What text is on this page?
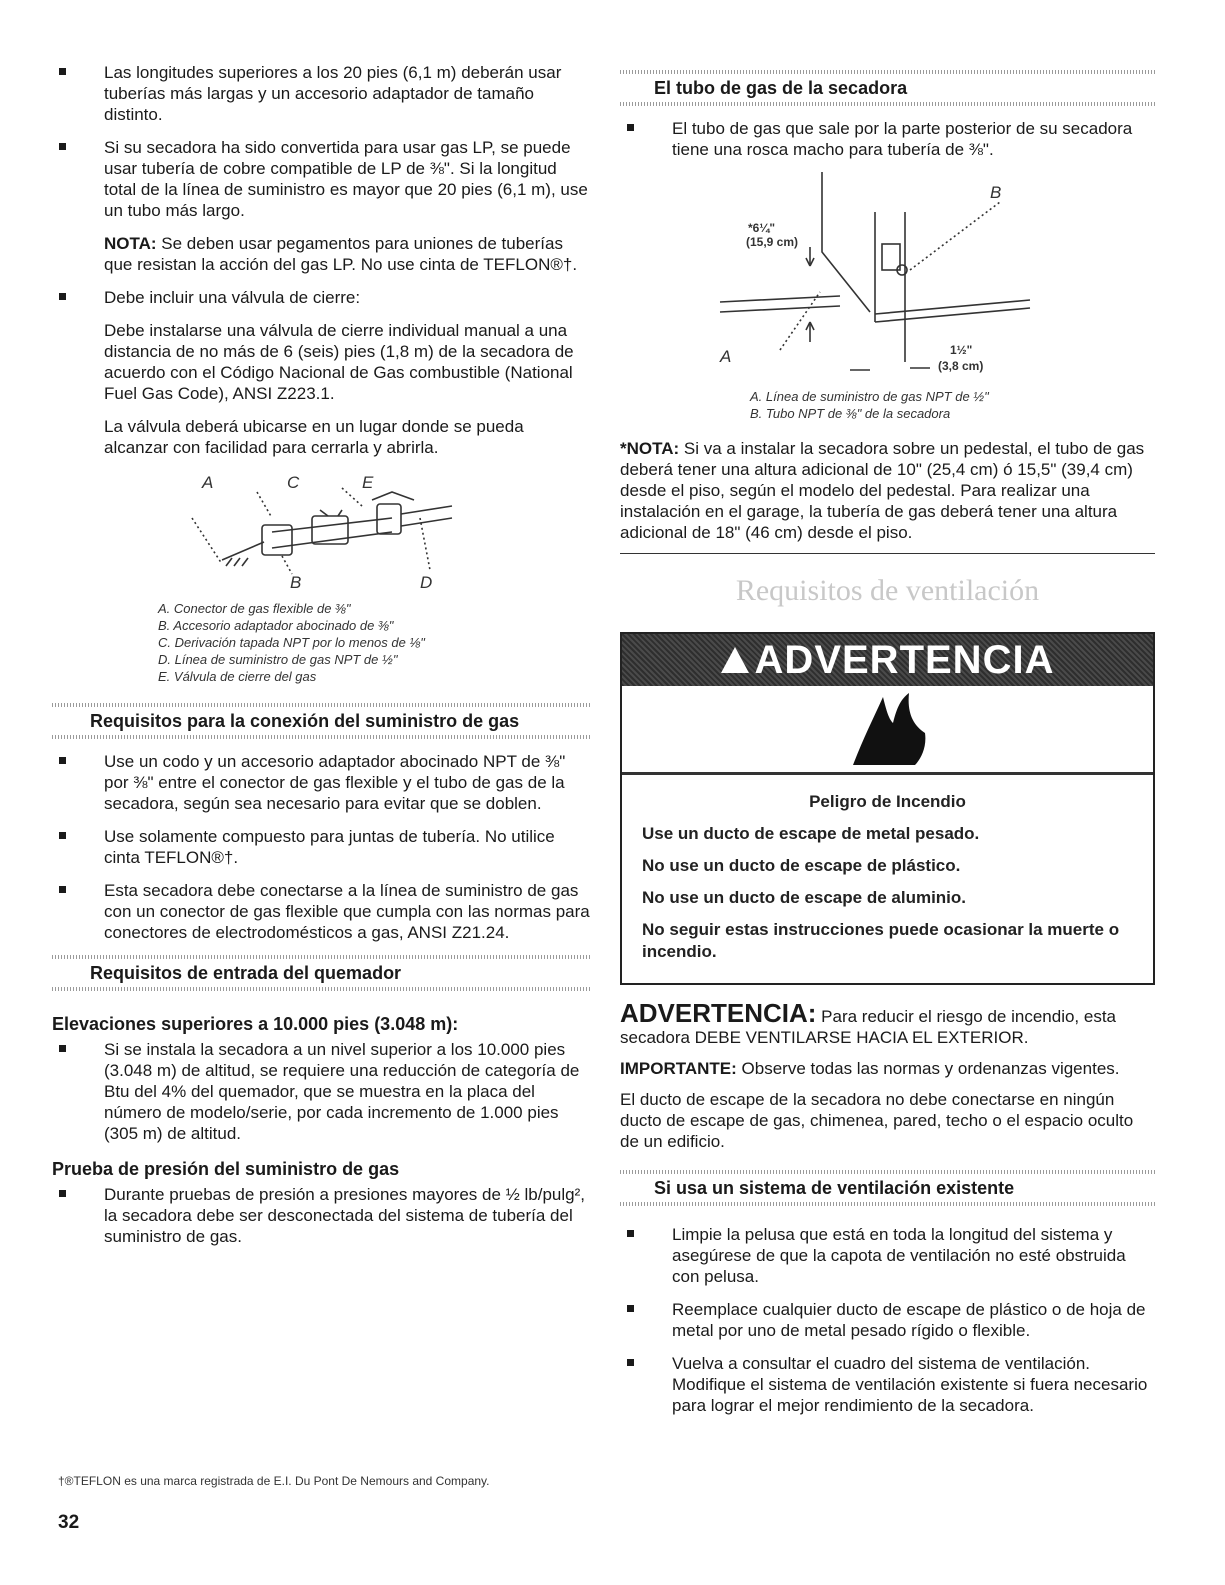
Las longitudes superiores a los 20 pies (6,1 m) deberán usar tuberías más largas y un accesorio adaptador de tamaño distinto.
Si su secadora ha sido convertida para usar gas LP, se puede usar tubería de cobre compatible de LP de ⅜". Si la longitud total de la línea de suministro es mayor que 20 pies (6,1 m), use un tubo más largo.
NOTA: Se deben usar pegamentos para uniones de tuberías que resistan la acción del gas LP. No use cinta de TEFLON®†.
Debe incluir una válvula de cierre:
Debe instalarse una válvula de cierre individual manual a una distancia de no más de 6 (seis) pies (1,8 m) de la secadora de acuerdo con el Código Nacional de Gas combustible (National Fuel Gas Code), ANSI Z223.1.
La válvula deberá ubicarse en un lugar donde se pueda alcanzar con facilidad para cerrarla y abrirla.
A	C	E
B	D
A. Conector de gas flexible de ⅜"
B. Accesorio adaptador abocinado de ⅜"
C. Derivación tapada NPT por lo menos de ⅛"
D. Línea de suministro de gas NPT de ½"
E. Válvula de cierre del gas
Requisitos para la conexión del suministro de gas
Use un codo y un accesorio adaptador abocinado NPT de ⅜" por ⅜" entre el conector de gas flexible y el tubo de gas de la secadora, según sea necesario para evitar que se doblen.
Use solamente compuesto para juntas de tubería. No utilice cinta TEFLON®†.
Esta secadora debe conectarse a la línea de suministro de gas con un conector de gas flexible que cumpla con las normas para conectores de electrodomésticos a gas, ANSI Z21.24.
Requisitos de entrada del quemador
Elevaciones superiores a 10.000 pies (3.048 m):
Si se instala la secadora a un nivel superior a los 10.000 pies (3.048 m) de altitud, se requiere una reducción de categoría de Btu del 4% del quemador, que se muestra en la placa del número de modelo/serie, por cada incremento de 1.000 pies (305 m) de altitud.
Prueba de presión del suministro de gas
Durante pruebas de presión a presiones mayores de ½ lb/pulg², la secadora debe ser desconectada del sistema de tubería del suministro de gas.
El tubo de gas de la secadora
El tubo de gas que sale por la parte posterior de su secadora tiene una rosca macho para tubería de ⅜".
B
A
*6¼"
(15,9 cm)
1½"
(3,8 cm)
A. Línea de suministro de gas NPT de ½"
B. Tubo NPT de ⅜" de la secadora
*NOTA: Si va a instalar la secadora sobre un pedestal, el tubo de gas deberá tener una altura adicional de 10" (25,4 cm) ó 15,5" (39,4 cm) desde el piso, según el modelo del pedestal. Para realizar una instalación en el garage, la tubería de gas deberá tener una altura adicional de 18" (46 cm) desde el piso.
Requisitos de ventilación
ADVERTENCIA
Peligro de Incendio
Use un ducto de escape de metal pesado.
No use un ducto de escape de plástico.
No use un ducto de escape de aluminio.
No seguir estas instrucciones puede ocasionar la muerte o incendio.
ADVERTENCIA: Para reducir el riesgo de incendio, esta secadora DEBE VENTILARSE HACIA EL EXTERIOR.
IMPORTANTE: Observe todas las normas y ordenanzas vigentes.
El ducto de escape de la secadora no debe conectarse en ningún ducto de escape de gas, chimenea, pared, techo o el espacio oculto de un edificio.
Si usa un sistema de ventilación existente
Limpie la pelusa que está en toda la longitud del sistema y asegúrese de que la capota de ventilación no esté obstruida con pelusa.
Reemplace cualquier ducto de escape de plástico o de hoja de metal por uno de metal pesado rígido o flexible.
Vuelva a consultar el cuadro del sistema de ventilación. Modifique el sistema de ventilación existente si fuera necesario para lograr el mejor rendimiento de la secadora.
†®TEFLON es una marca registrada de E.I. Du Pont De Nemours and Company.
32
